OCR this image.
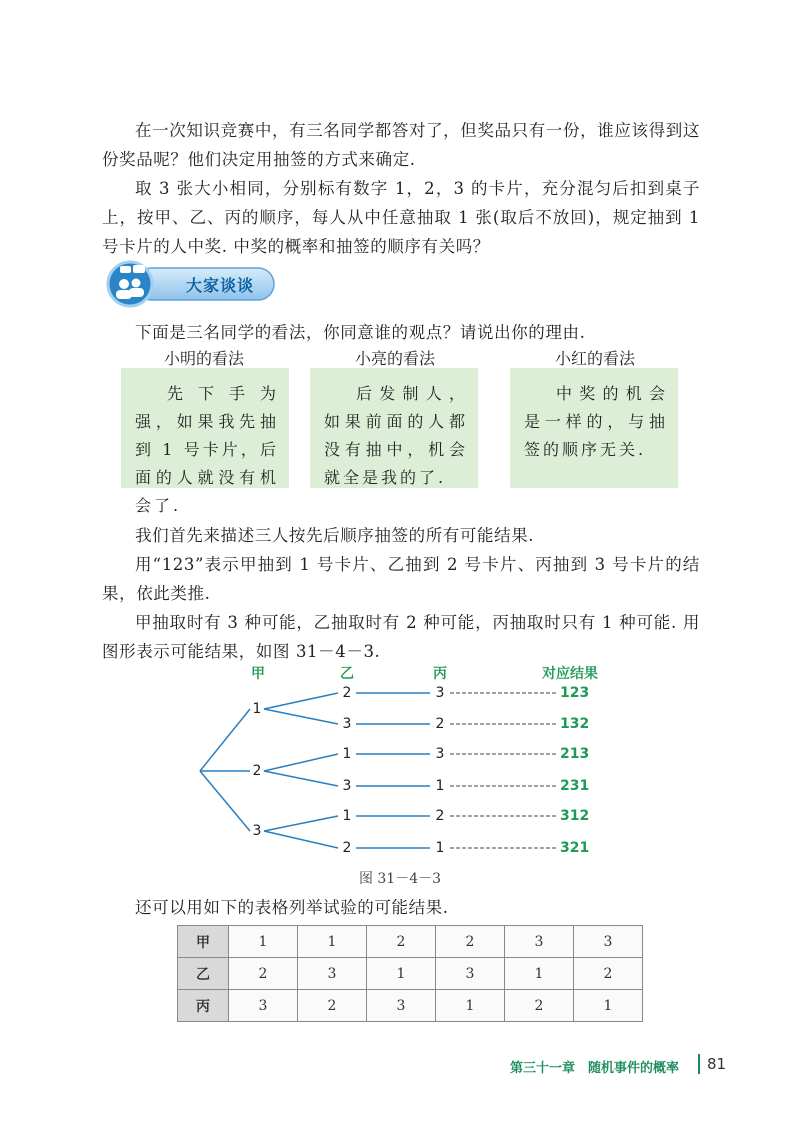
在一次知识竞赛中，有三名同学都答对了，但奖品只有一份，谁应该得到这份奖品呢？他们决定用抽签的方式来确定.

取 3 张大小相同，分别标有数字 1，2，3 的卡片，充分混匀后扣到桌子上，按甲、乙、丙的顺序，每人从中任意抽取 1 张(取后不放回)，规定抽到 1 号卡片的人中奖. 中奖的概率和抽签的顺序有关吗？

大家谈谈

下面是三名同学的看法，你同意谁的观点？请说出你的理由.

小明的看法	小亮的看法	小红的看法

先下手为强，如果我先抽到 1 号卡片，后面的人就没有机会了.

后发制人，如果前面的人都没有抽中，机会就全是我的了.

中奖的机会是一样的，与抽签的顺序无关.

我们首先来描述三人按先后顺序抽签的所有可能结果.

用“123”表示甲抽到 1 号卡片、乙抽到 2 号卡片、丙抽到 3 号卡片的结果，依此类推.

甲抽取时有 3 种可能，乙抽取时有 2 种可能，丙抽取时只有 1 种可能. 用图形表示可能结果，如图 31－4－3.

甲	乙	丙	对应结果
1
2
3
2	3	123
3	2	132
1	3	213
3	1	231
1	2	312
2	1	321
图 31－4－3

还可以用如下的表格列举试验的可能结果.

甲	1	1	2	2	3	3
乙	2	3	1	3	1	2
丙	3	2	3	1	2	1
第三十一章　随机事件的概率 81
